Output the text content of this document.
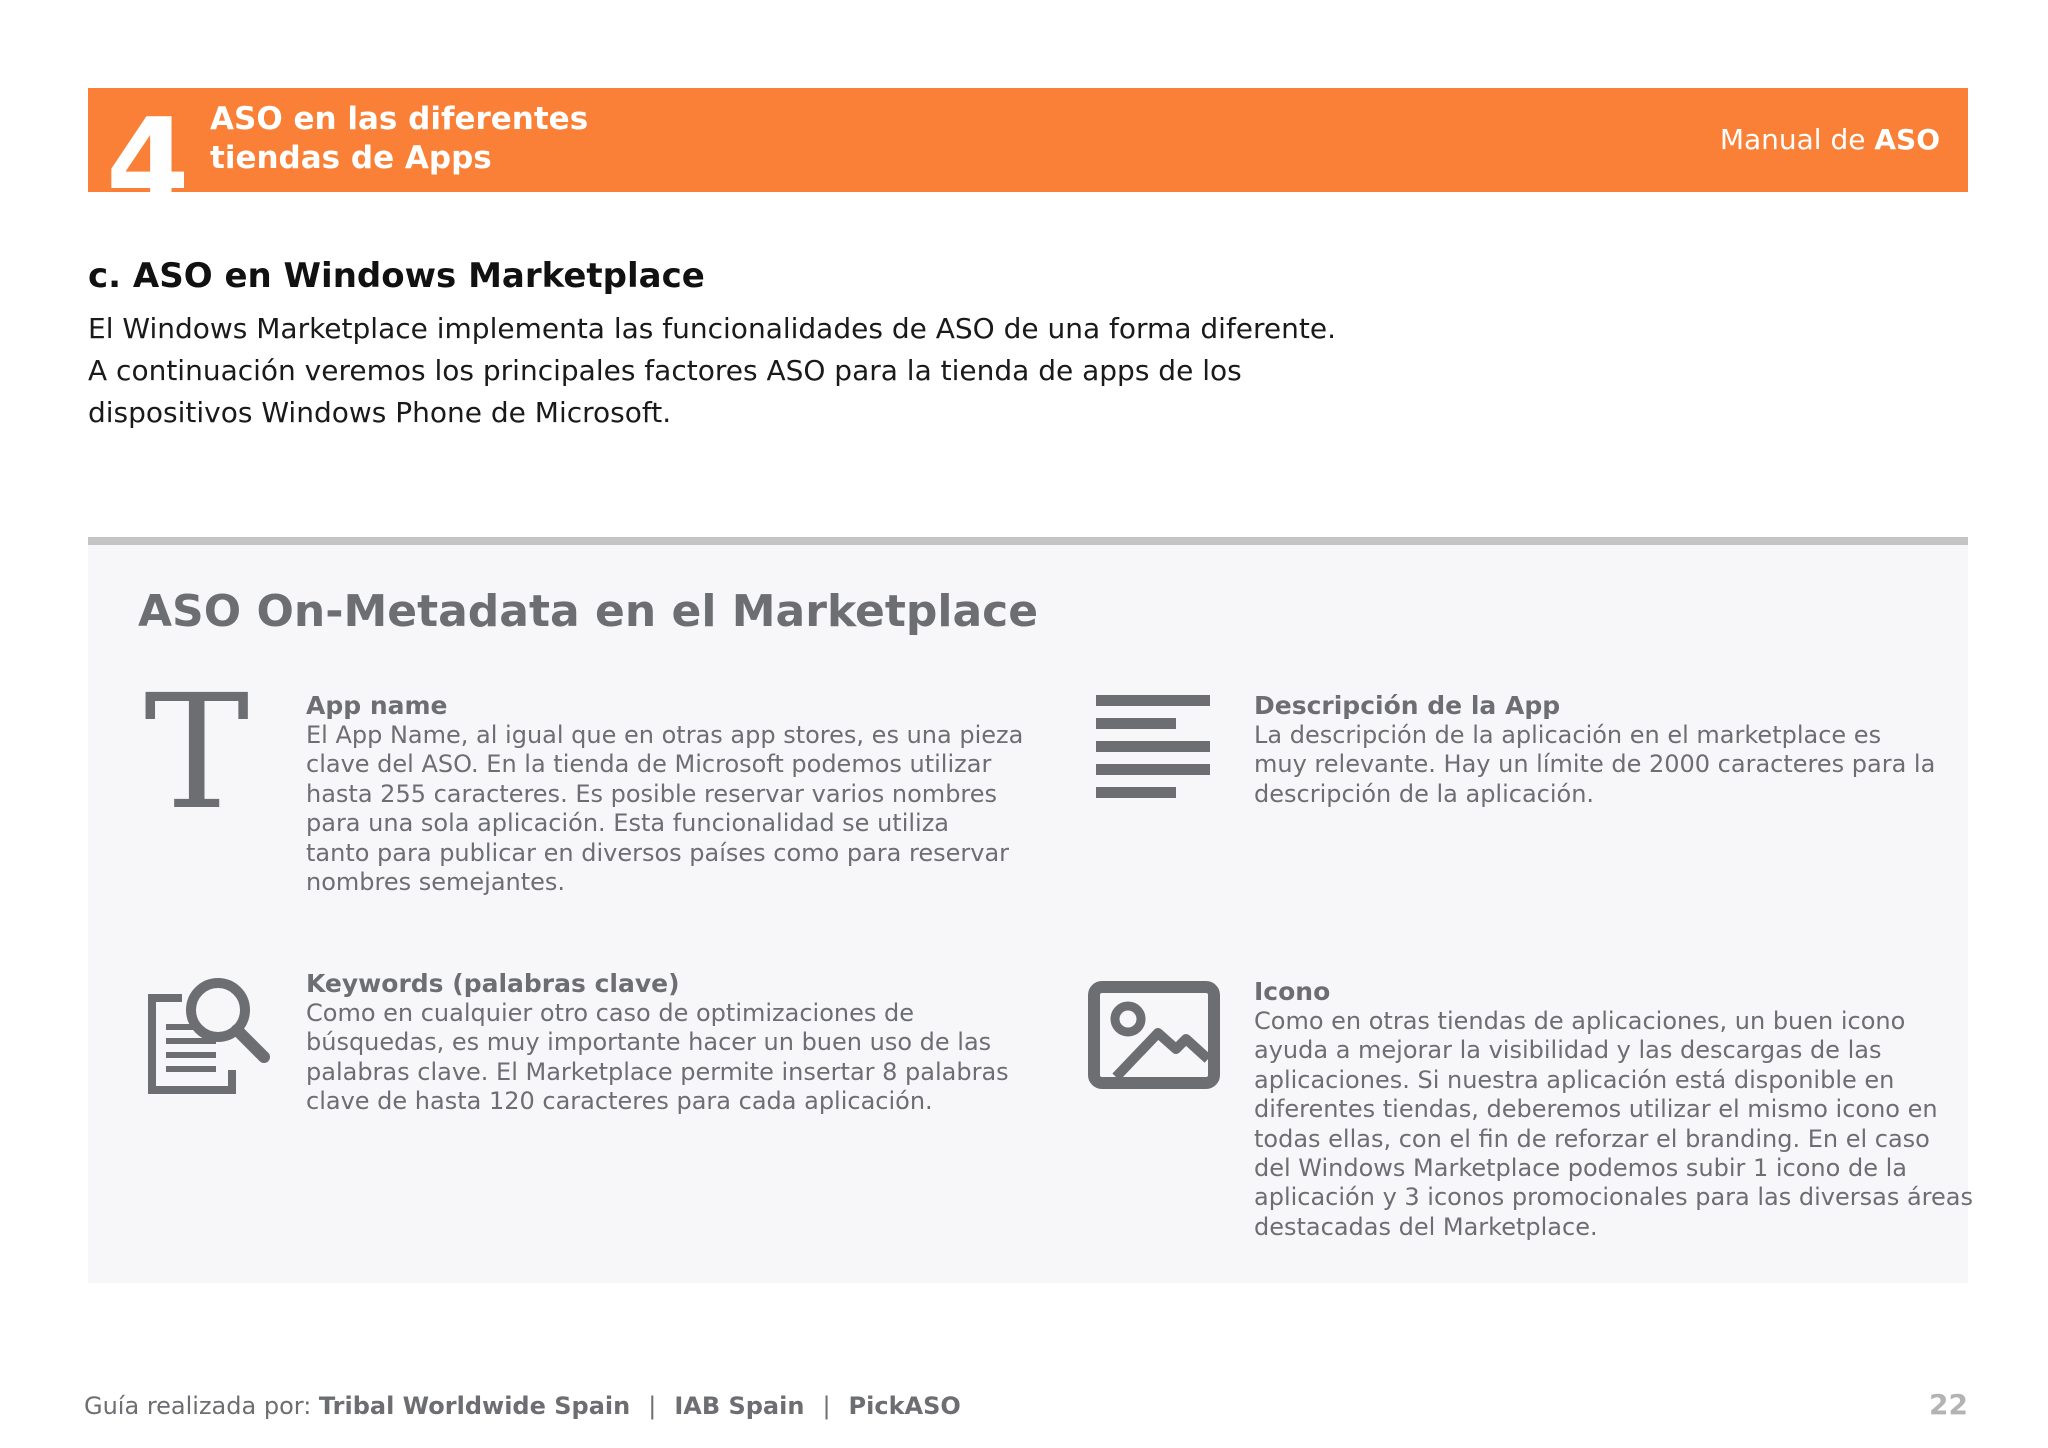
4 ASO en las diferentes
tiendas de Apps
Manual de ASO
c. ASO en Windows Marketplace
El Windows Marketplace implementa las funcionalidades de ASO de una forma diferente.
A continuación veremos los principales factores ASO para la tienda de apps de los
dispositivos Windows Phone de Microsoft.
ASO On-Metadata en el Marketplace
T App name
El App Name, al igual que en otras app stores, es una pieza
clave del ASO. En la tienda de Microsoft podemos utilizar
hasta 255 caracteres. Es posible reservar varios nombres
para una sola aplicación. Esta funcionalidad se utiliza
tanto para publicar en diversos países como para reservar
nombres semejantes.
Descripción de la App
La descripción de la aplicación en el marketplace es
muy relevante. Hay un límite de 2000 caracteres para la
descripción de la aplicación.
Keywords (palabras clave)
Como en cualquier otro caso de optimizaciones de
búsquedas, es muy importante hacer un buen uso de las
palabras clave. El Marketplace permite insertar 8 palabras
clave de hasta 120 caracteres para cada aplicación.
Icono
Como en otras tiendas de aplicaciones, un buen icono
ayuda a mejorar la visibilidad y las descargas de las
aplicaciones. Si nuestra aplicación está disponible en
diferentes tiendas, deberemos utilizar el mismo icono en
todas ellas, con el fin de reforzar el branding. En el caso
del Windows Marketplace podemos subir 1 icono de la
aplicación y 3 iconos promocionales para las diversas áreas
destacadas del Marketplace.
Guía realizada por: Tribal Worldwide Spain | IAB Spain | PickASO	22
